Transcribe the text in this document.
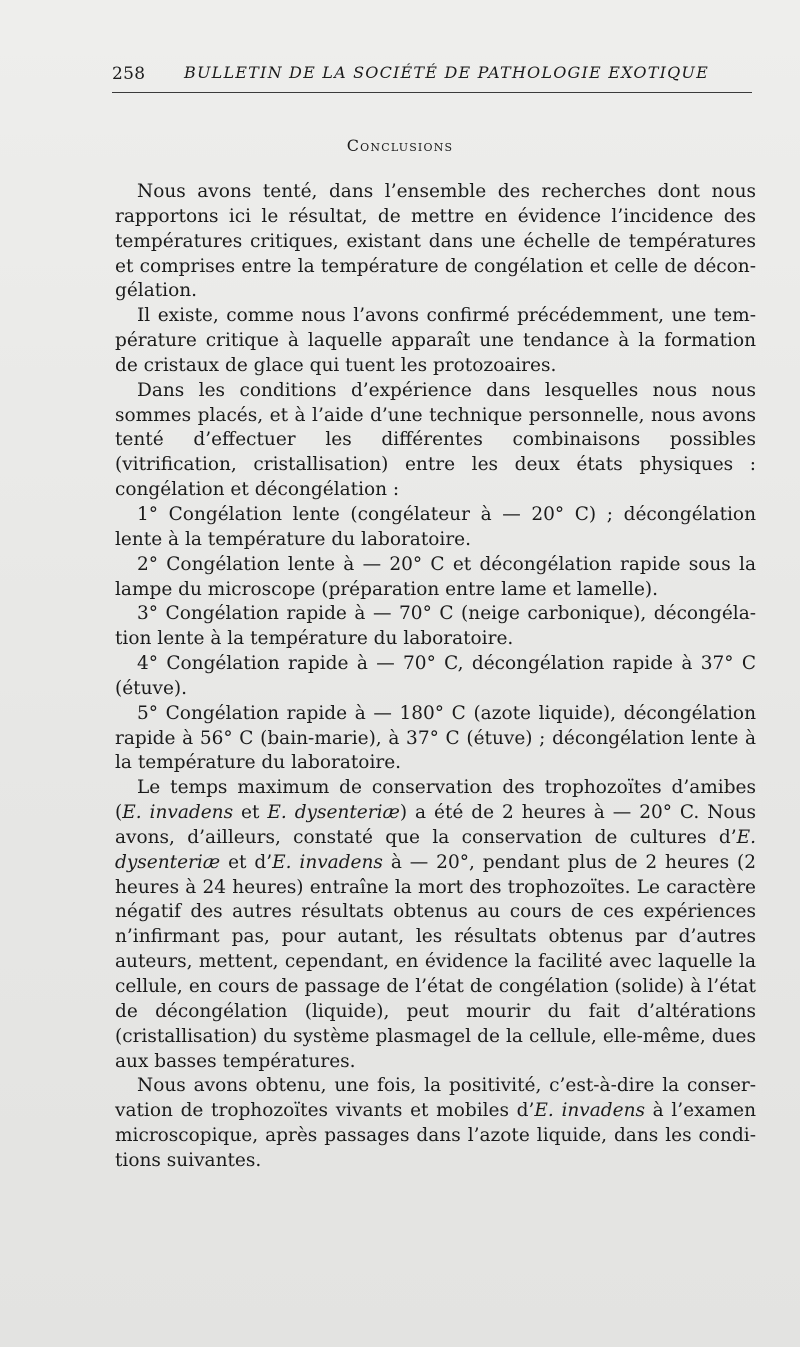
258 BULLETIN DE LA SOCIÉTÉ DE PATHOLOGIE EXOTIQUE
Conclusions

Nous avons tenté, dans l’ensemble des recherches dont nous rapportons ici le résultat, de mettre en évidence l’incidence des températures critiques, existant dans une échelle de températures et comprises entre la température de congélation et celle de décongélation.

Il existe, comme nous l’avons confirmé précédemment, une température critique à laquelle apparaît une tendance à la formation de cristaux de glace qui tuent les protozoaires.

Dans les conditions d’expérience dans lesquelles nous nous sommes placés, et à l’aide d’une technique personnelle, nous avons tenté d’effectuer les différentes combinaisons possibles (vitrification, cristallisation) entre les deux états physiques : congélation et décongélation :

1° Congélation lente (congélateur à — 20° C) ; décongélation lente à la température du laboratoire.

2° Congélation lente à — 20° C et décongélation rapide sous la lampe du microscope (préparation entre lame et lamelle).

3° Congélation rapide à — 70° C (neige carbonique), décongélation lente à la température du laboratoire.

4° Congélation rapide à — 70° C, décongélation rapide à 37° C (étuve).

5° Congélation rapide à — 180° C (azote liquide), décongélation rapide à 56° C (bain-marie), à 37° C (étuve) ; décongélation lente à la température du laboratoire.

Le temps maximum de conservation des trophozoïtes d’amibes (E. invadens et E. dysenteriæ) a été de 2 heures à — 20° C. Nous avons, d’ailleurs, constaté que la conservation de cultures d’E. dysenteriæ et d’E. invadens à — 20°, pendant plus de 2 heures (2 heures à 24 heures) entraîne la mort des trophozoïtes. Le caractère négatif des autres résultats obtenus au cours de ces expériences n’infirmant pas, pour autant, les résultats obtenus par d’autres auteurs, mettent, cependant, en évidence la facilité avec laquelle la cellule, en cours de passage de l’état de congélation (solide) à l’état de décongélation (liquide), peut mourir du fait d’altérations (cristallisation) du système plasmagel de la cellule, elle-même, dues aux basses températures.

Nous avons obtenu, une fois, la positivité, c’est-à-dire la conservation de trophozoïtes vivants et mobiles d’E. invadens à l’examen microscopique, après passages dans l’azote liquide, dans les conditions suivantes.
